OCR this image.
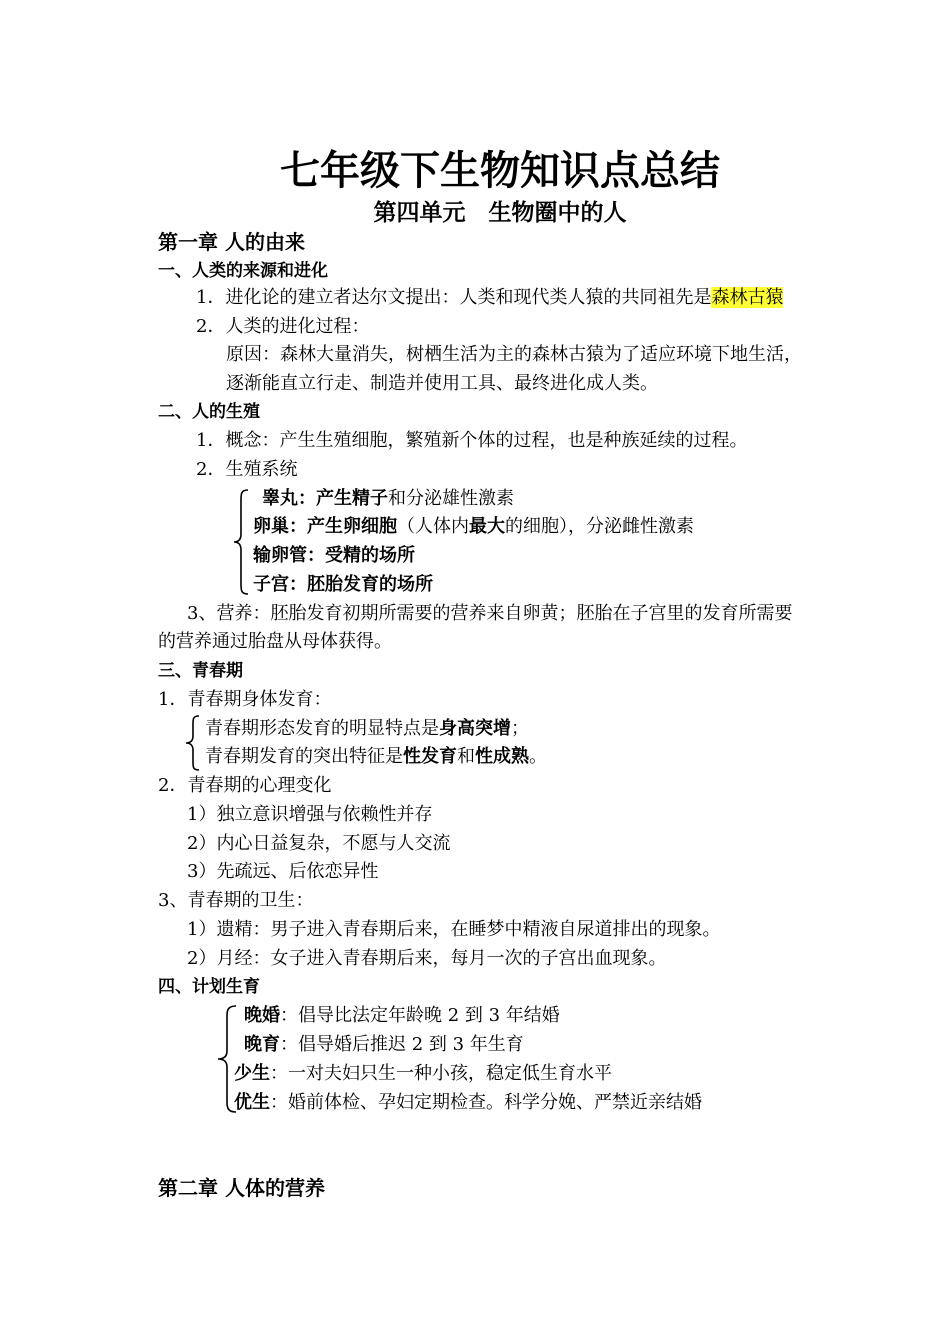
七年级下生物知识点总结
第四单元　生物圈中的人
第一章 人的由来
一、人类的来源和进化
1．进化论的建立者达尔文提出：人类和现代类人猿的共同祖先是森林古猿
2．人类的进化过程：
原因：森林大量消失，树栖生活为主的森林古猿为了适应环境下地生活，
逐渐能直立行走、制造并使用工具、最终进化成人类。
二、人的生殖
1．概念：产生生殖细胞，繁殖新个体的过程，也是种族延续的过程。
2．生殖系统
睾丸：产生精子和分泌雄性激素
卵巢：产生卵细胞（人体内最大的细胞），分泌雌性激素
输卵管：受精的场所
子宫：胚胎发育的场所
3、营养：胚胎发育初期所需要的营养来自卵黄；胚胎在子宫里的发育所需要
的营养通过胎盘从母体获得。
三、青春期
1．青春期身体发育：
青春期形态发育的明显特点是身高突增；
青春期发育的突出特征是性发育和性成熟。
2．青春期的心理变化
1）独立意识增强与依赖性并存
2）内心日益复杂，不愿与人交流
3）先疏远、后依恋异性
3、青春期的卫生：
1）遗精：男子进入青春期后来，在睡梦中精液自尿道排出的现象。
2）月经：女子进入青春期后来，每月一次的子宫出血现象。
四、计划生育
晚婚：倡导比法定年龄晚 2 到 3 年结婚
晚育：倡导婚后推迟 2 到 3 年生育
少生：一对夫妇只生一种小孩，稳定低生育水平
优生：婚前体检、孕妇定期检查。科学分娩、严禁近亲结婚
第二章 人体的营养
